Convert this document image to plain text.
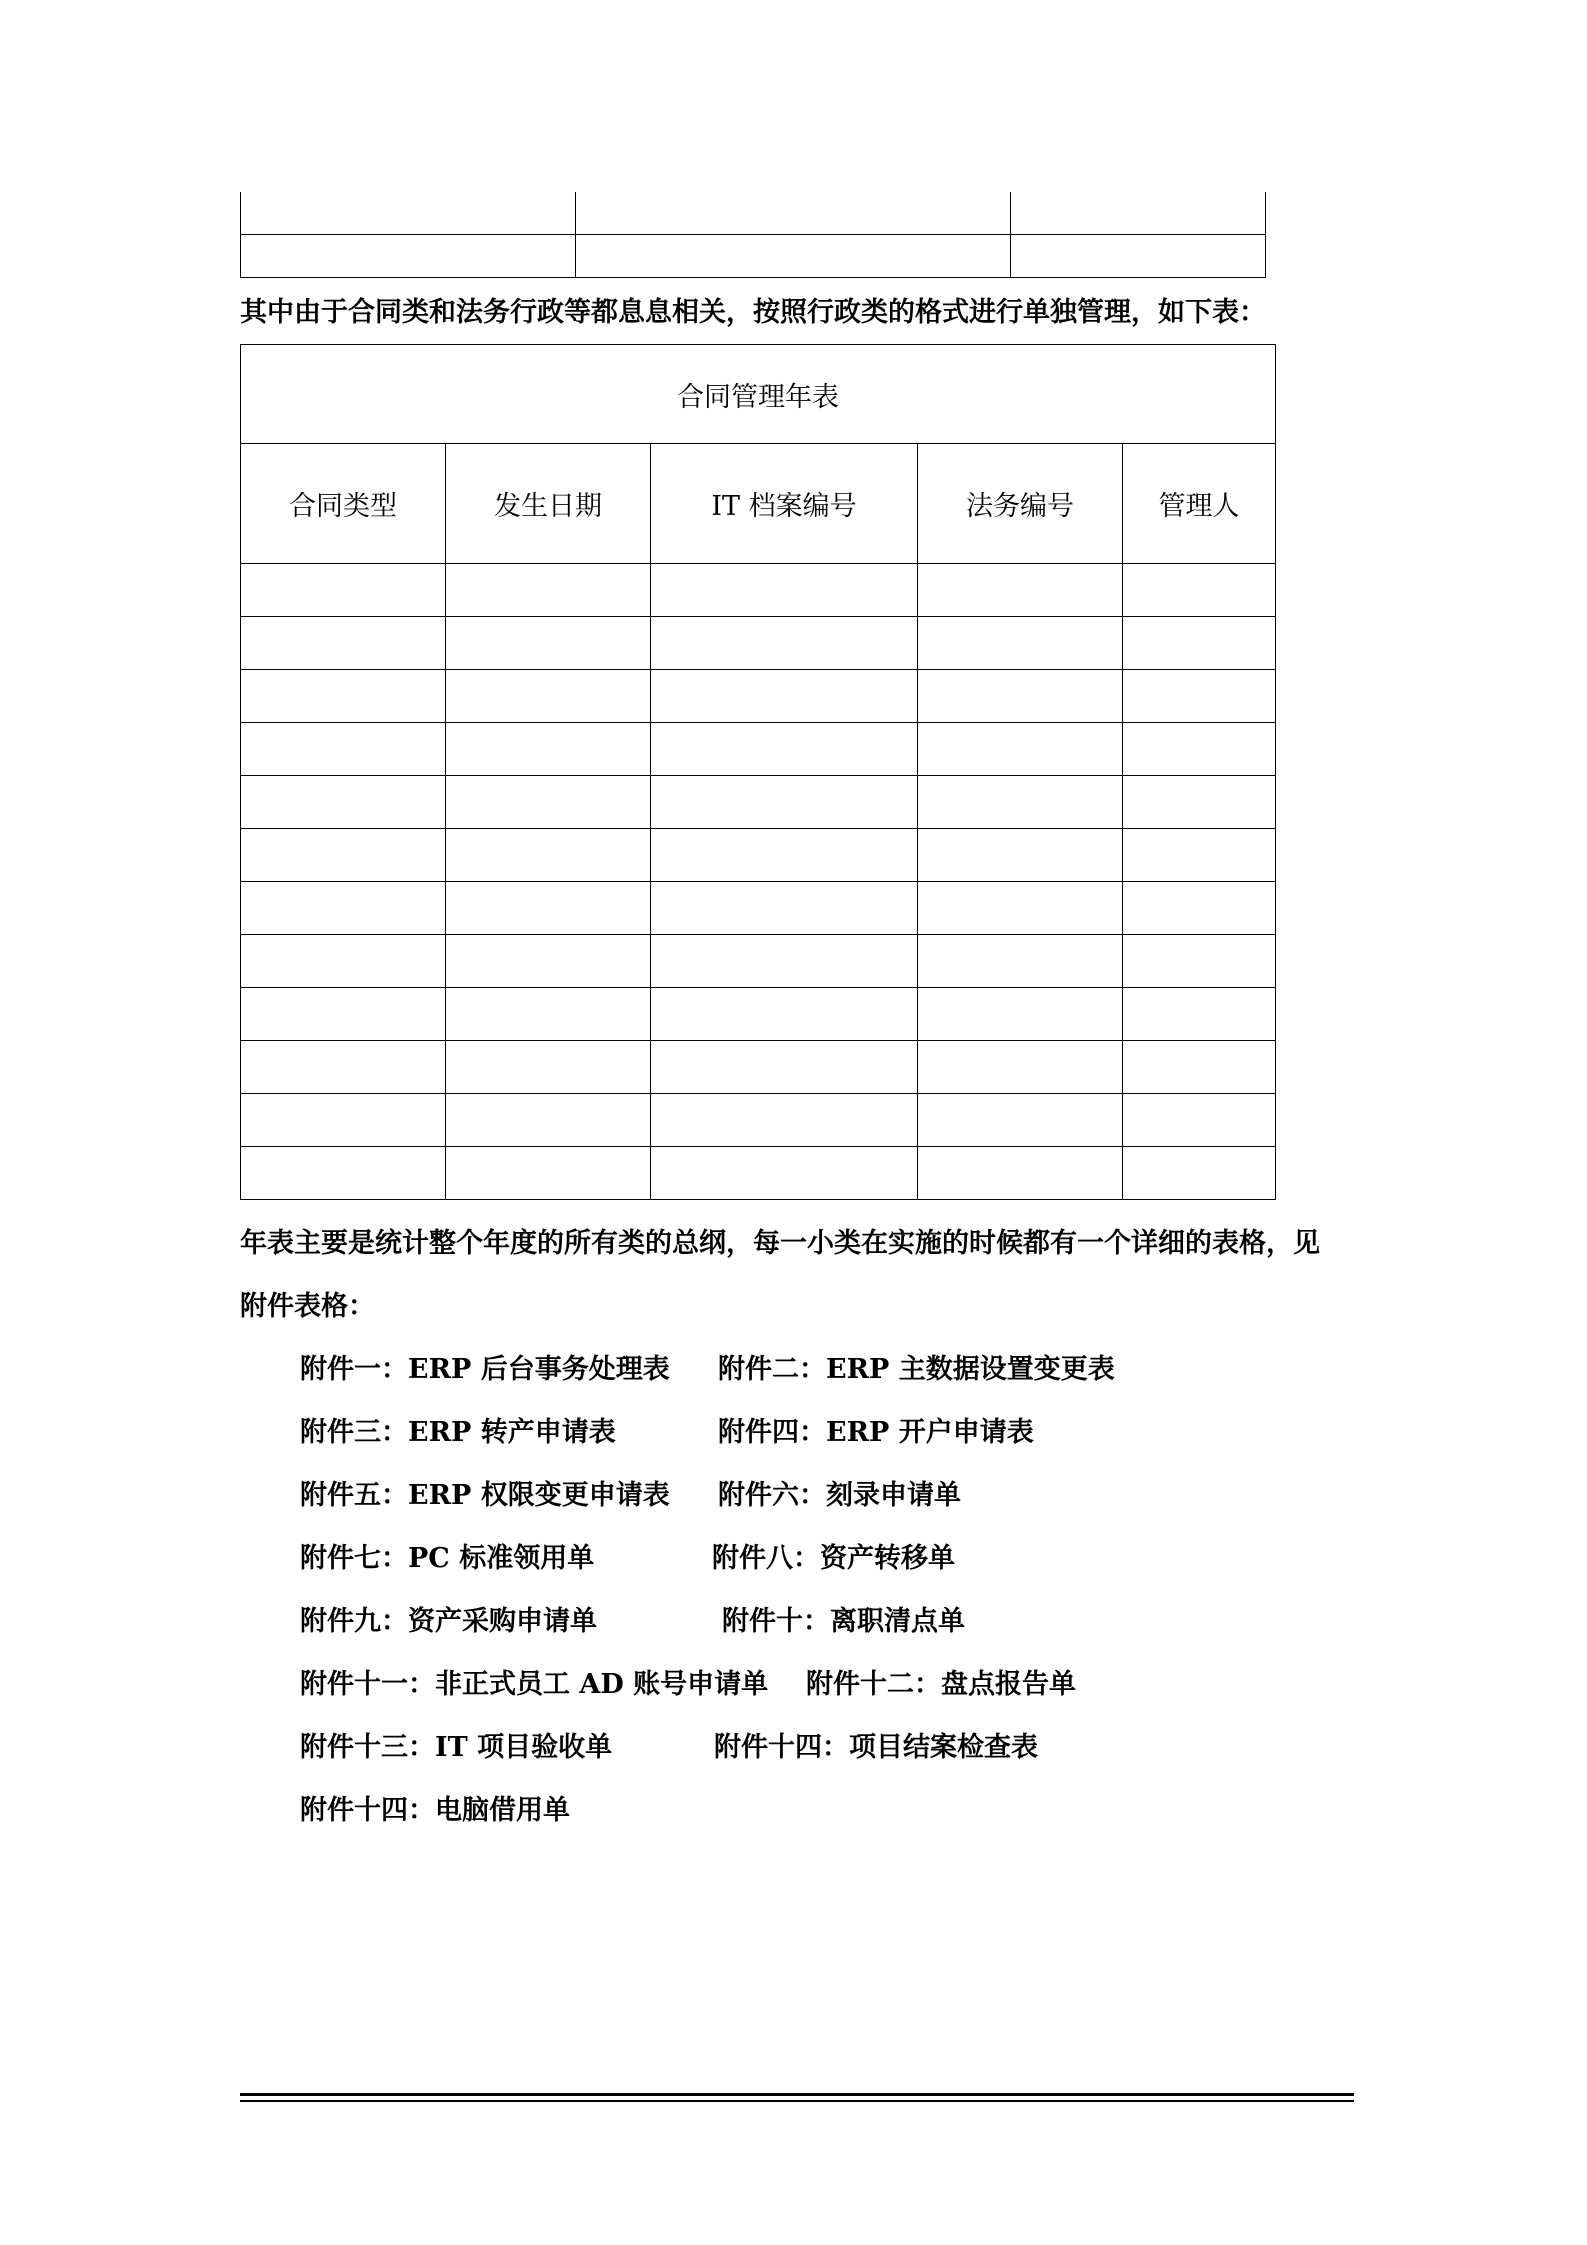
其中由于合同类和法务行政等都息息相关，按照行政类的格式进行单独管理，如下表：
合同管理年表				
合同类型	发生日期	IT 档案编号	法务编号	管理人

年表主要是统计整个年度的所有类的总纲，每一小类在实施的时候都有一个详细的表格，见
附件表格：
附件一：ERP 后台事务处理表 附件二：ERP 主数据设置变更表
附件三：ERP 转产申请表	附件四：ERP 开户申请表
附件五：ERP 权限变更申请表 附件六：刻录申请单
附件七：PC 标准领用单	附件八：资产转移单
附件九：资产采购申请单	附件十：离职清点单
附件十一：非正式员工 AD 账号申请单 附件十二：盘点报告单
附件十三：IT 项目验收单	附件十四：项目结案检查表
附件十四：电脑借用单
